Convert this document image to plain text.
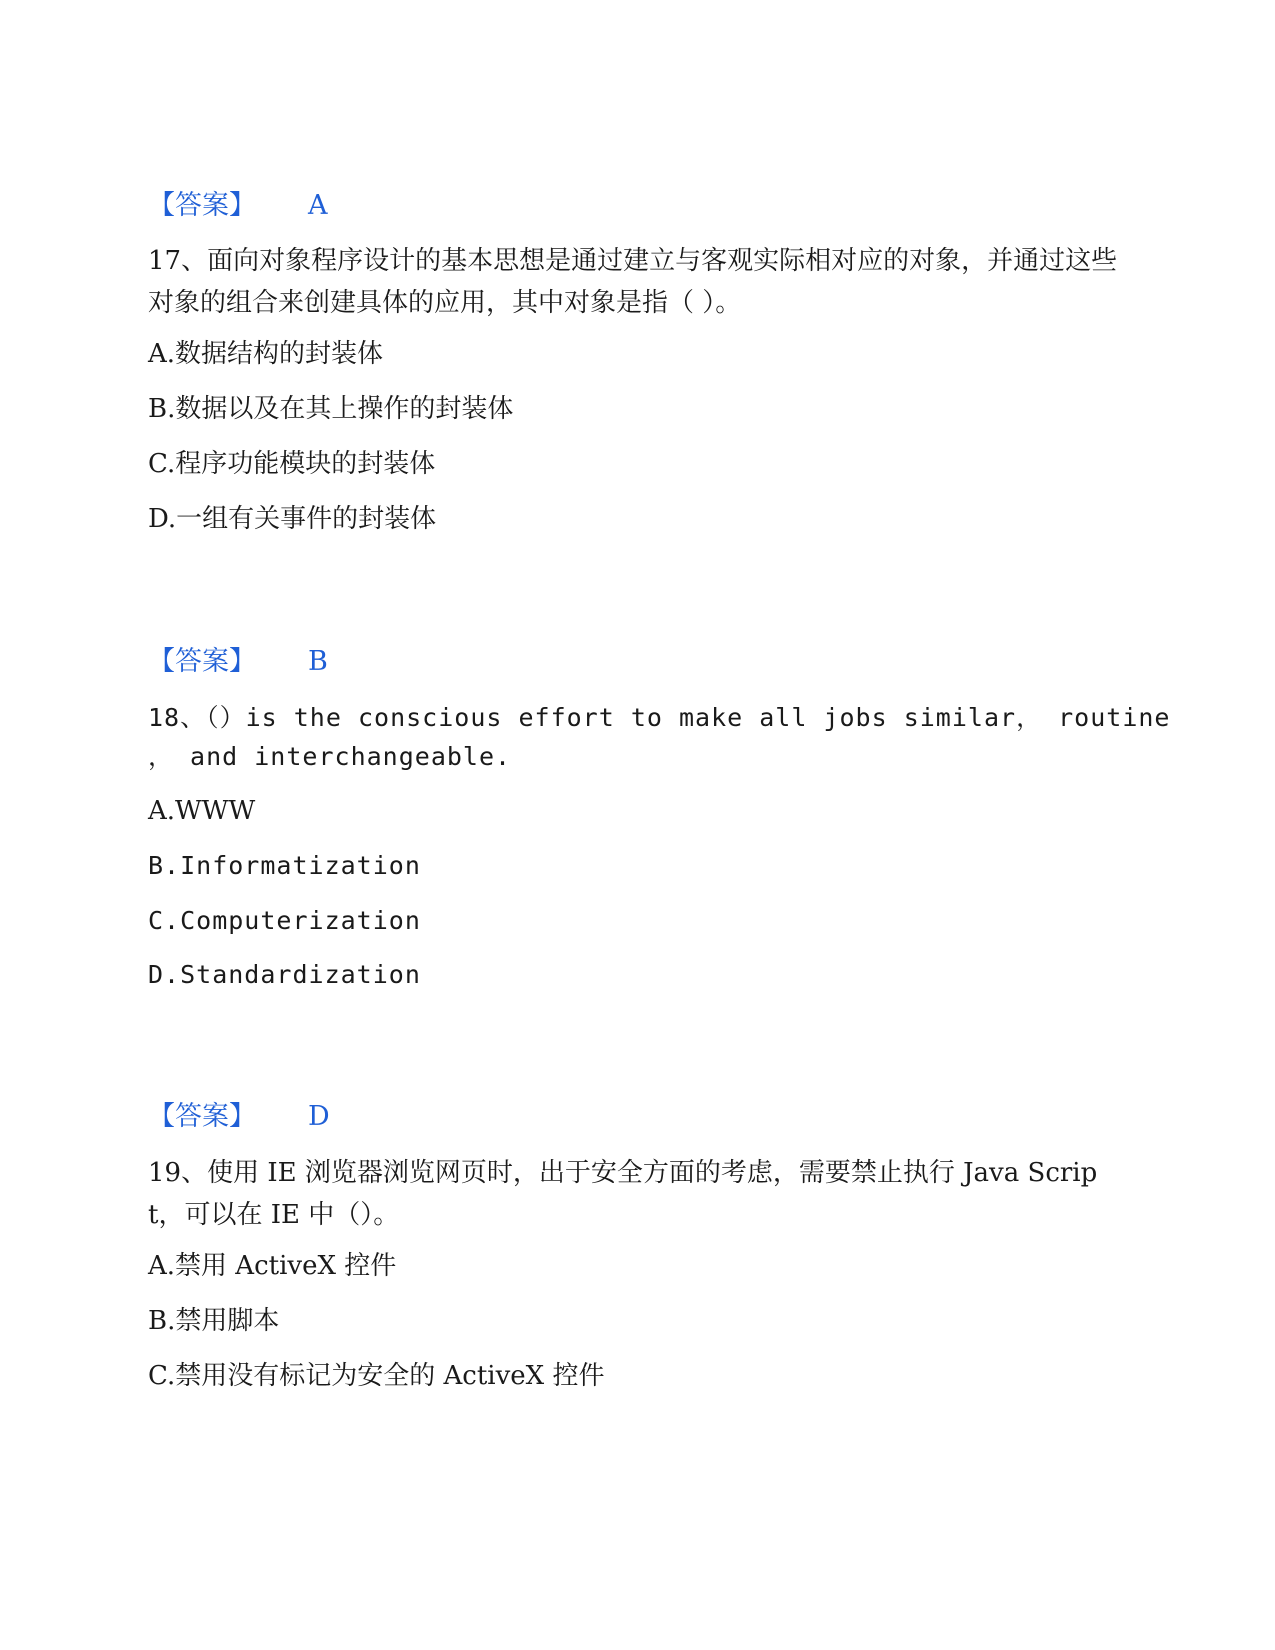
【答案】 A
17、面向对象程序设计的基本思想是通过建立与客观实际相对应的对象，并通过这些对象的组合来创建具体的应用，其中对象是指（ ）。
A.数据结构的封装体
B.数据以及在其上操作的封装体
C.程序功能模块的封装体
D.一组有关事件的封装体
【答案】 B
18、（）is the conscious effort to make all jobs similar， routine
， and interchangeable.
A.WWW
B.Informatization
C.Computerization
D.Standardization
【答案】 D
19、使用 IE 浏览器浏览网页时，出于安全方面的考虑，需要禁止执行 Java Script，可以在 IE 中（）。
A.禁用 ActiveX 控件
B.禁用脚本
C.禁用没有标记为安全的 ActiveX 控件
